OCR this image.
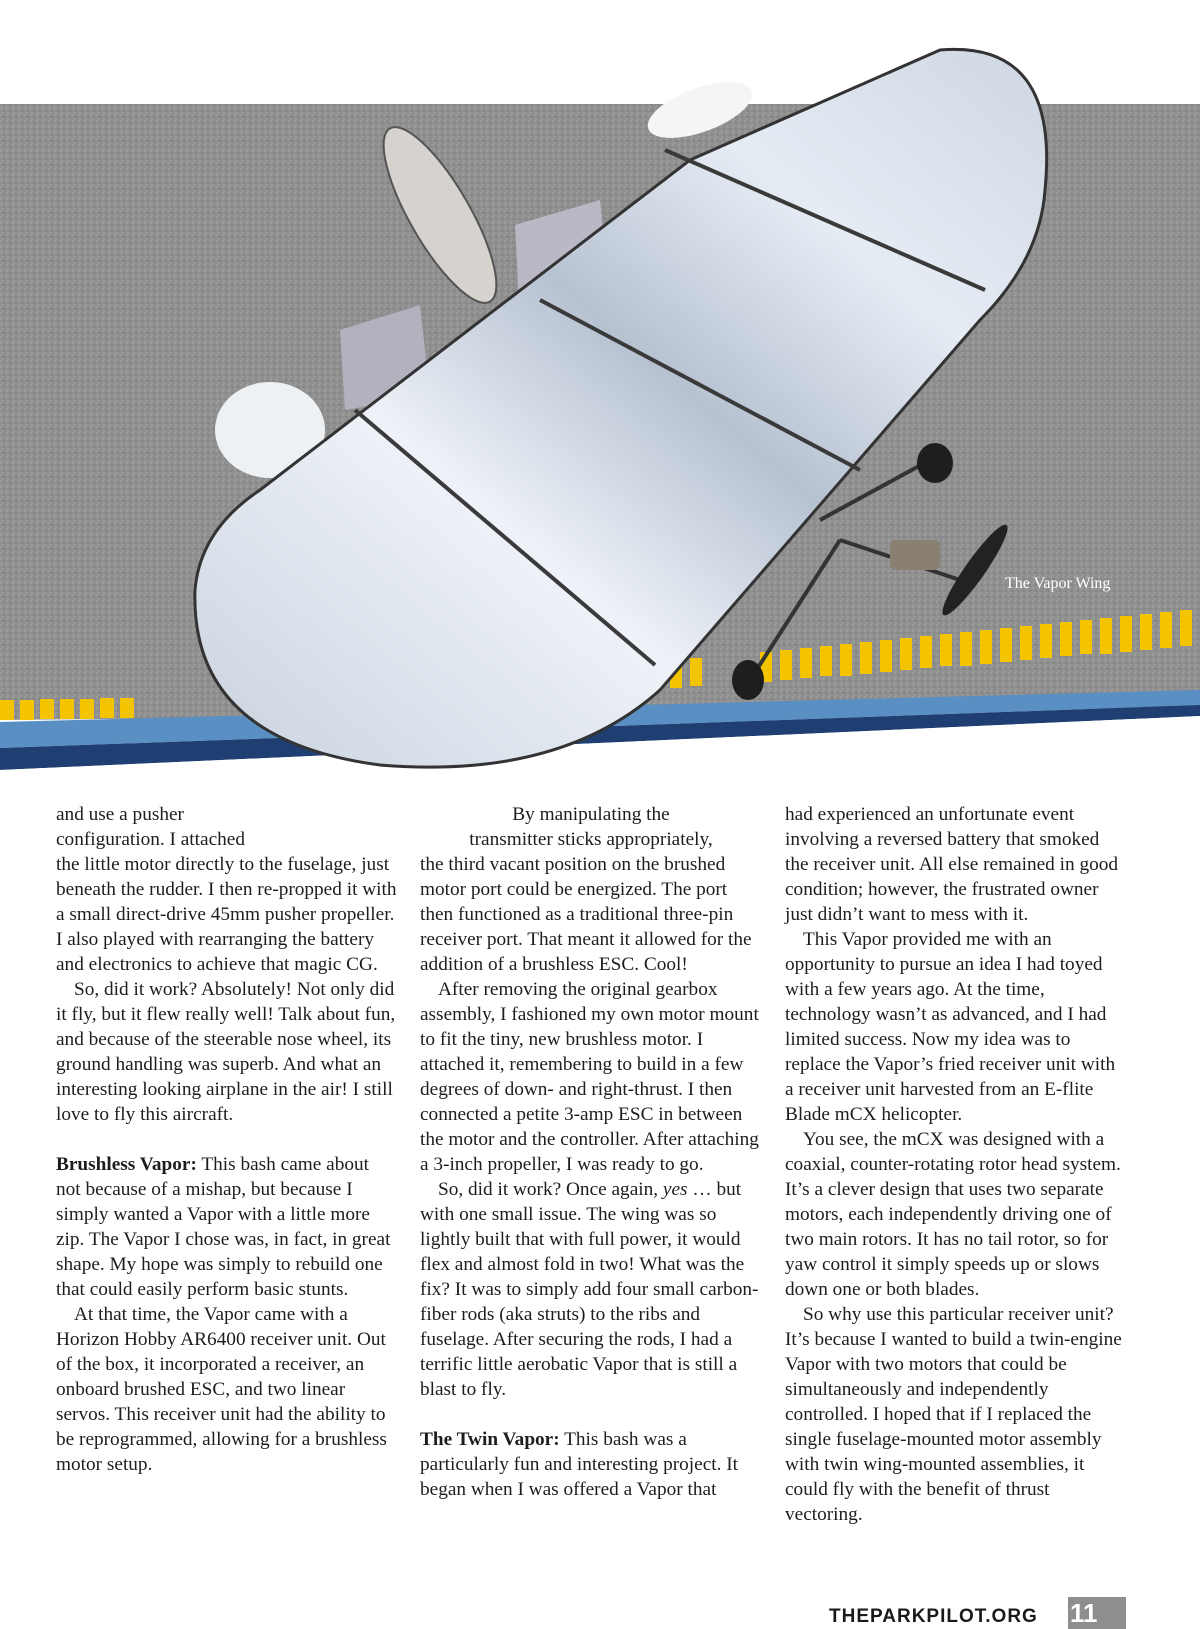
The Vapor Wing

and use a pusher configuration. I attached
the little motor directly to the fuselage, just beneath the rudder. I then re-propped it with a small direct-drive 45mm pusher propeller. I also played with rearranging the battery and electronics to achieve that magic CG.

So, did it work? Absolutely! Not only did it fly, but it flew really well! Talk about fun, and because of the steerable nose wheel, its ground handling was superb. And what an interesting looking airplane in the air! I still love to fly this aircraft.

Brushless Vapor: This bash came about not because of a mishap, but because I simply wanted a Vapor with a little more zip. The Vapor I chose was, in fact, in great shape. My hope was simply to rebuild one that could easily perform basic stunts.

At that time, the Vapor came with a Horizon Hobby AR6400 receiver unit. Out of the box, it incorporated a receiver, an onboard brushed ESC, and two linear servos. This receiver unit had the ability to be reprogrammed, allowing for a brushless motor setup.

By manipulating the
transmitter sticks appropriately,
the third vacant position on the brushed motor port could be energized. The port then functioned as a traditional three-pin receiver port. That meant it allowed for the addition of a brushless ESC. Cool!

After removing the original gearbox assembly, I fashioned my own motor mount to fit the tiny, new brushless motor. I attached it, remembering to build in a few degrees of down- and right-thrust. I then connected a petite 3-amp ESC in between the motor and the controller. After attaching a 3-inch propeller, I was ready to go.

So, did it work? Once again, yes … but with one small issue. The wing was so lightly built that with full power, it would flex and almost fold in two! What was the fix? It was to simply add four small carbon-fiber rods (aka struts) to the ribs and fuselage. After securing the rods, I had a terrific little aerobatic Vapor that is still a blast to fly.

The Twin Vapor: This bash was a particularly fun and interesting project. It began when I was offered a Vapor that

had experienced an unfortunate event involving a reversed battery that smoked the receiver unit. All else remained in good condition; however, the frustrated owner just didn’t want to mess with it.

This Vapor provided me with an opportunity to pursue an idea I had toyed with a few years ago. At the time, technology wasn’t as advanced, and I had limited success. Now my idea was to replace the Vapor’s fried receiver unit with a receiver unit harvested from an E-flite Blade mCX helicopter.

You see, the mCX was designed with a coaxial, counter-rotating rotor head system. It’s a clever design that uses two separate motors, each independently driving one of two main rotors. It has no tail rotor, so for yaw control it simply speeds up or slows down one or both blades.

So why use this particular receiver unit? It’s because I wanted to build a twin-engine Vapor with two motors that could be simultaneously and independently controlled. I hoped that if I replaced the single fuselage-mounted motor assembly with twin wing-mounted assemblies, it could fly with the benefit of thrust vectoring.

THEPARKPILOT.ORG 11
